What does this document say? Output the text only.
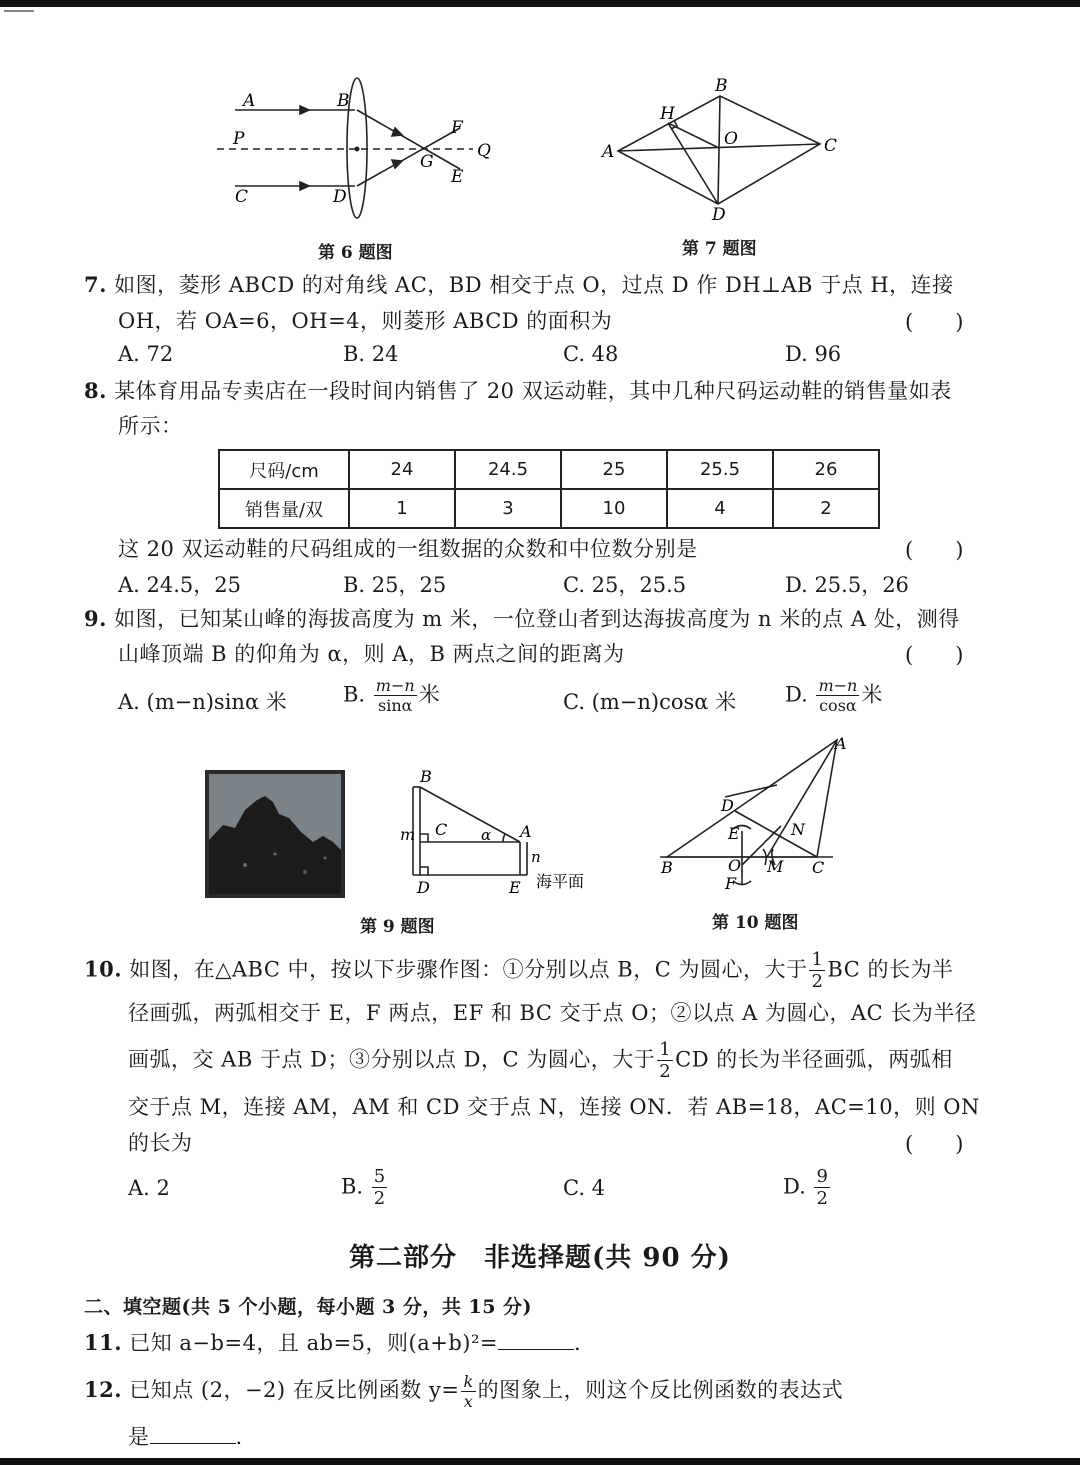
A	B
P
C	D
F
G
Q
E
第 6 题图
B
H
O
A	C
D
第 7 题图
7. 如图，菱形 ABCD 的对角线 AC，BD 相交于点 O，过点 D 作 DH⊥AB 于点 H，连接
OH，若 OA=6，OH=4，则菱形 ABCD 的面积为	(　　)
A. 72	B. 24	C. 48	D. 96
8. 某体育用品专卖店在一段时间内销售了 20 双运动鞋，其中几种尺码运动鞋的销售量如表
所示：
尺码/cm	24	24.5	25	25.5	26
销售量/双	1	3	10	4	2
这 20 双运动鞋的尺码组成的一组数据的众数和中位数分别是	(　　)
A. 24.5，25	B. 25，25	C. 25，25.5	D. 25.5，26
9. 如图，已知某山峰的海拔高度为 m 米，一位登山者到达海拔高度为 n 米的点 A 处，测得
山峰顶端 B 的仰角为 α，则 A，B 两点之间的距离为	(　　)
A. (m−n)sinα 米	B. $\frac{m-n}{\sin\alpha}$ 米	C. (m−n)cosα 米 D. $\frac{m-n}{\cos\alpha}$ 米
B
m C α A
n
D	E 海平面
第 9 题图
A
D
E	N
B	O M C
F
第 10 题图
10. 如图，在△ABC 中，按以下步骤作图：①分别以点 B，C 为圆心，大于 $\frac{1}{2}$ BC 的长为半
径画弧，两弧相交于 E，F 两点，EF 和 BC 交于点 O；②以点 A 为圆心，AC 长为半径
画弧，交 AB 于点 D；③分别以点 D，C 为圆心，大于 $\frac{1}{2}$ CD 的长为半径画弧，两弧相
交于点 M，连接 AM，AM 和 CD 交于点 N，连接 ON．若 AB=18，AC=10，则 ON
的长为	(　　)
A. 2	B. $\frac{5}{2}$	C. 4	D. $\frac{9}{2}$
第二部分　非选择题(共 90 分)
二、填空题(共 5 个小题，每小题 3 分，共 15 分)
11. 已知 a−b=4，且 ab=5，则(a+b)²=	.
12. 已知点 (2，−2) 在反比例函数 $y= \frac{k}{x}$ 的图象上，则这个反比例函数的表达式
是	.
